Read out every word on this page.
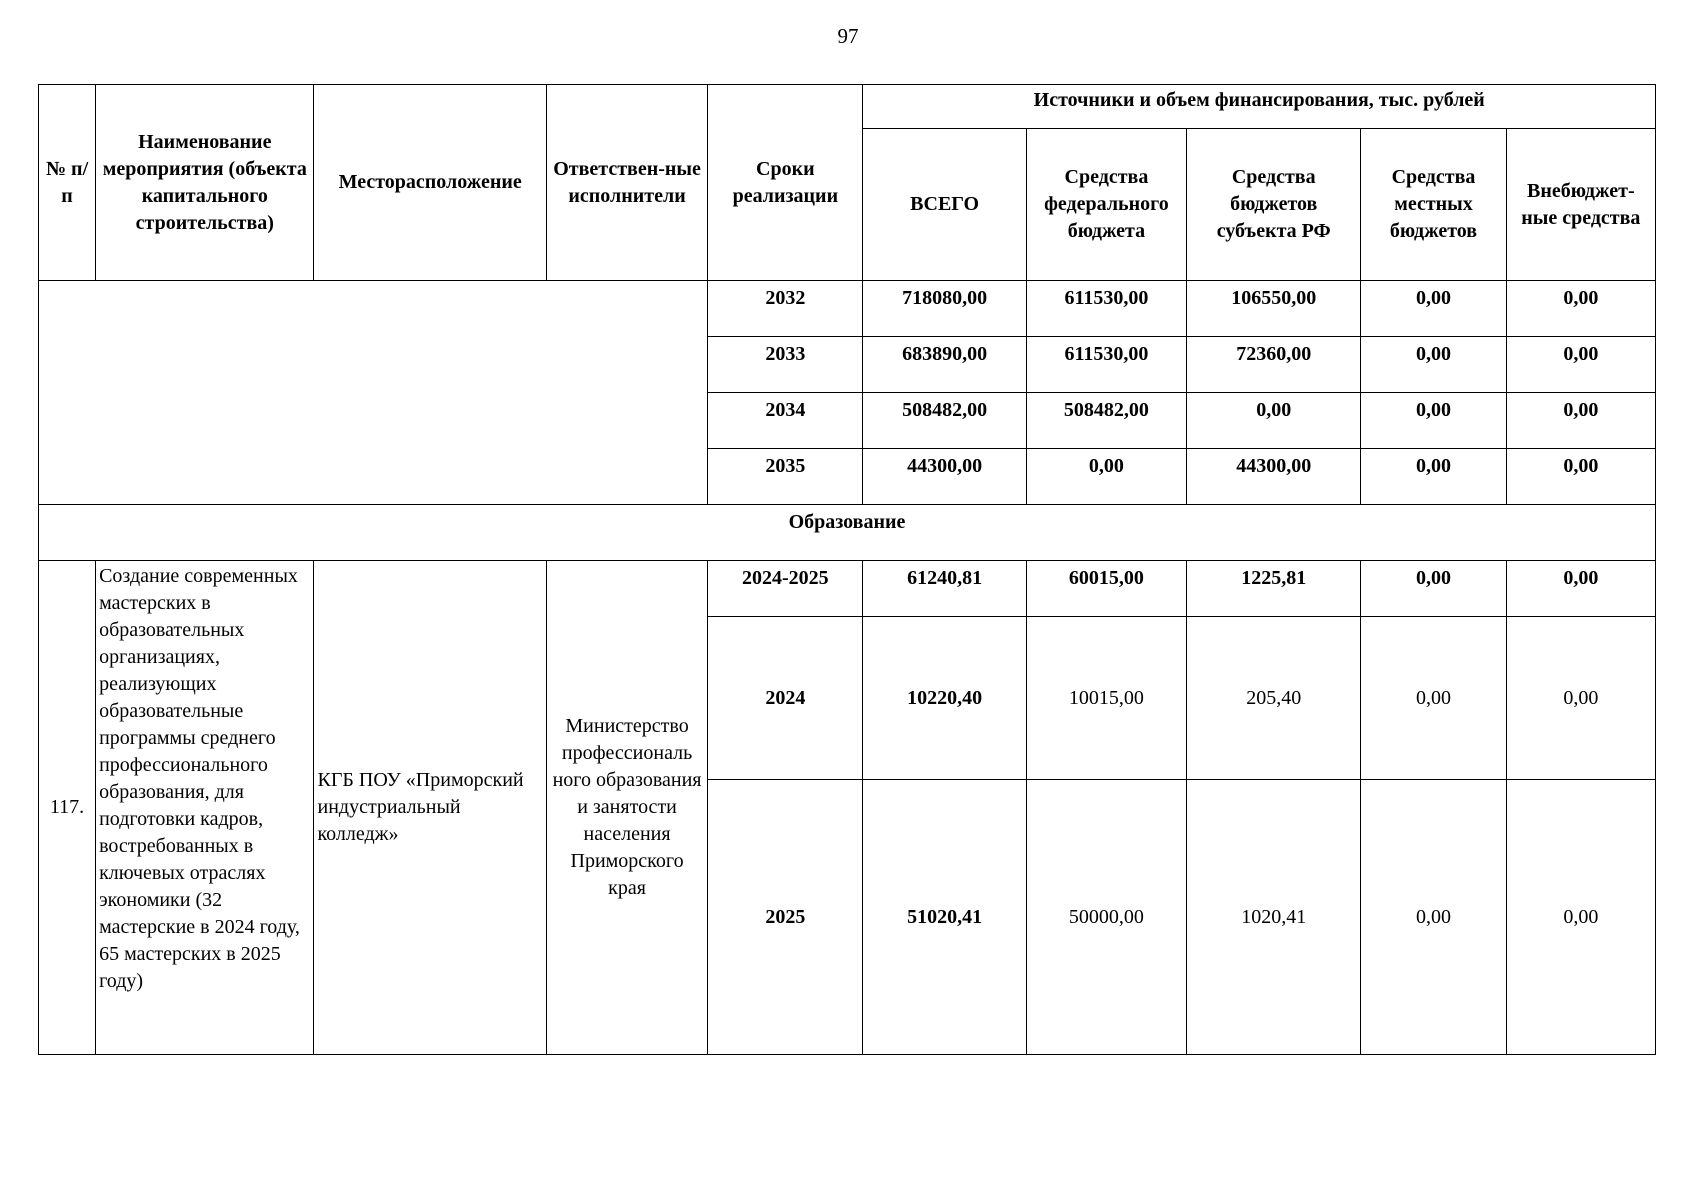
97
№ п/п	Наименование мероприятия (объекта капитального строительства)	Месторасположение	Ответствен-ные исполнители	Сроки реализации	Источники и объем финансирования, тыс. рублей				
					ВСЕГО	Средства федерального бюджета	Средства бюджетов субъекта РФ	Средства местных бюджетов	Внебюджет-ные средства
				2032	718080,00	611530,00	106550,00	0,00	0,00
				2033	683890,00	611530,00	72360,00	0,00	0,00
				2034	508482,00	508482,00	0,00	0,00	0,00
				2035	44300,00	0,00	44300,00	0,00	0,00
Образование									
117.	Создание современных мастерских в образовательных организациях, реализующих образовательные программы среднего профессионального образования, для подготовки кадров, востребованных в ключевых отраслях экономики (32 мастерские в 2024 году, 65 мастерских в 2025 году)	КГБ ПОУ «Приморский индустриальный колледж»	Министерство профессиональ ного образования и занятости населения Приморского края	2024-2025	61240,81	60015,00	1225,81	0,00	0,00
				2024	10220,40	10015,00	205,40	0,00	0,00
				2025	51020,41	50000,00	1020,41	0,00	0,00
